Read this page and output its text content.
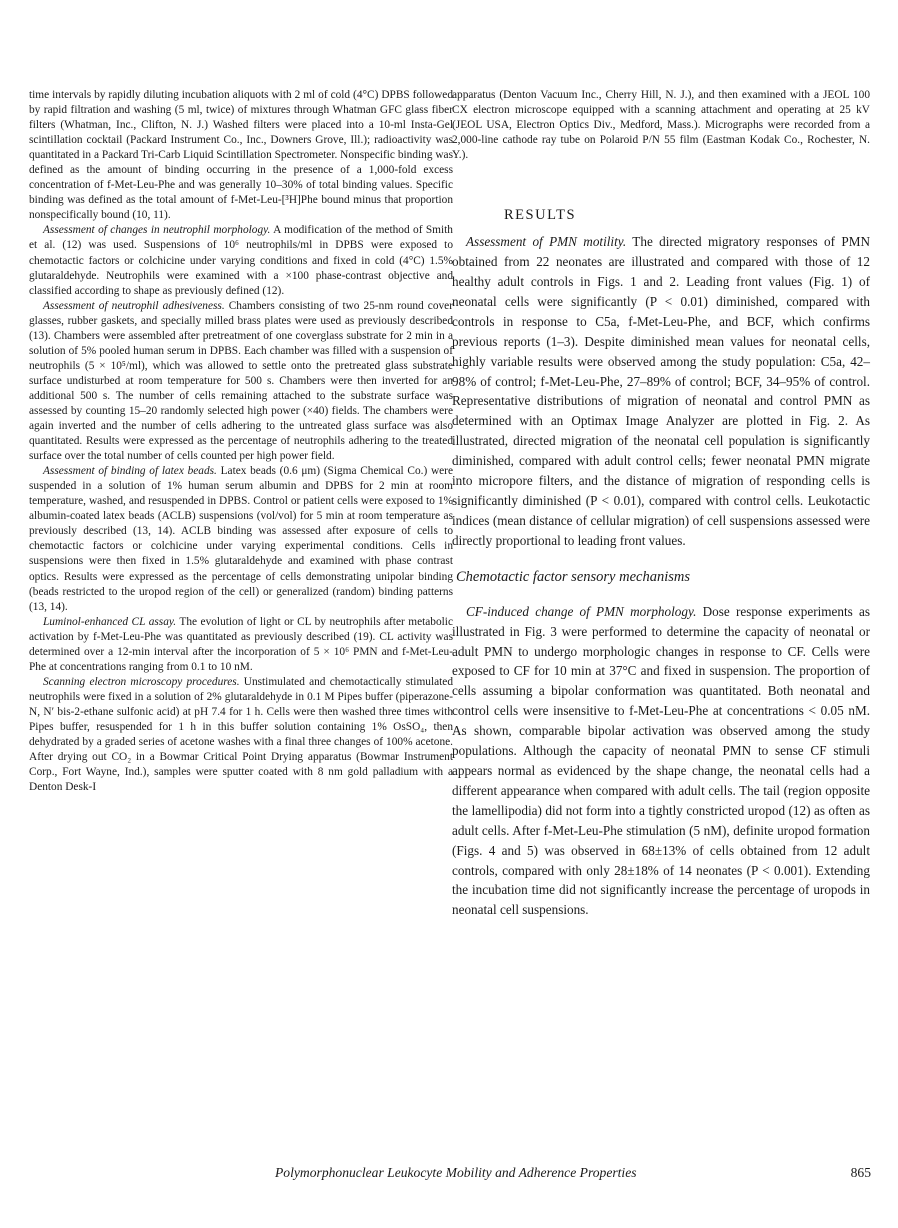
time intervals by rapidly diluting incubation aliquots with 2 ml of cold (4°C) DPBS followed by rapid filtration and washing (5 ml, twice) of mixtures through Whatman GFC glass fiber filters (Whatman, Inc., Clifton, N. J.) Washed filters were placed into a 10-ml Insta-Gel scintillation cocktail (Packard Instrument Co., Inc., Downers Grove, Ill.); radioactivity was quantitated in a Packard Tri-Carb Liquid Scintillation Spectrometer. Nonspecific binding was defined as the amount of binding occurring in the presence of a 1,000-fold excess concentration of f-Met-Leu-Phe and was generally 10–30% of total binding values. Specific binding was defined as the total amount of f-Met-Leu-[³H]Phe bound minus that proportion nonspecifically bound (10, 11).

Assessment of changes in neutrophil morphology. A modification of the method of Smith et al. (12) was used. Suspensions of 10⁶ neutrophils/ml in DPBS were exposed to chemotactic factors or colchicine under varying conditions and fixed in cold (4°C) 1.5% glutaraldehyde. Neutrophils were examined with a ×100 phase-contrast objective and classified according to shape as previously defined (12).

Assessment of neutrophil adhesiveness. Chambers consisting of two 25-nm round cover glasses, rubber gaskets, and specially milled brass plates were used as previously described (13). Chambers were assembled after pretreatment of one coverglass substrate for 2 min in a solution of 5% pooled human serum in DPBS. Each chamber was filled with a suspension of neutrophils (5 × 10⁵/ml), which was allowed to settle onto the pretreated glass substrate surface undisturbed at room temperature for 500 s. Chambers were then inverted for an additional 500 s. The number of cells remaining attached to the substrate surface was assessed by counting 15–20 randomly selected high power (×40) fields. The chambers were again inverted and the number of cells adhering to the untreated glass surface was also quantitated. Results were expressed as the percentage of neutrophils adhering to the treated surface over the total number of cells counted per high power field.

Assessment of binding of latex beads. Latex beads (0.6 μm) (Sigma Chemical Co.) were suspended in a solution of 1% human serum albumin and DPBS for 2 min at room temperature, washed, and resuspended in DPBS. Control or patient cells were exposed to 1% albumin-coated latex beads (ACLB) suspensions (vol/vol) for 5 min at room temperature as previously described (13, 14). ACLB binding was assessed after exposure of cells to chemotactic factors or colchicine under varying experimental conditions. Cells in suspensions were then fixed in 1.5% glutaraldehyde and examined with phase contrast optics. Results were expressed as the percentage of cells demonstrating unipolar binding (beads restricted to the uropod region of the cell) or generalized (random) binding patterns (13, 14).

Luminol-enhanced CL assay. The evolution of light or CL by neutrophils after metabolic activation by f-Met-Leu-Phe was quantitated as previously described (19). CL activity was determined over a 12-min interval after the incorporation of 5 × 10⁶ PMN and f-Met-Leu-Phe at concentrations ranging from 0.1 to 10 nM.

Scanning electron microscopy procedures. Unstimulated and chemotactically stimulated neutrophils were fixed in a solution of 2% glutaraldehyde in 0.1 M Pipes buffer (piperazone-N, N′ bis-2-ethane sulfonic acid) at pH 7.4 for 1 h. Cells were then washed three times with Pipes buffer, resuspended for 1 h in this buffer solution containing 1% OsSO₄, then dehydrated by a graded series of acetone washes with a final three changes of 100% acetone. After drying out CO₂ in a Bowmar Critical Point Drying apparatus (Bowmar Instrument Corp., Fort Wayne, Ind.), samples were sputter coated with 8 nm gold palladium with a Denton Desk-I

apparatus (Denton Vacuum Inc., Cherry Hill, N. J.), and then examined with a JEOL 100 CX electron microscope equipped with a scanning attachment and operating at 25 kV (JEOL USA, Electron Optics Div., Medford, Mass.). Micrographs were recorded from a 2,000-line cathode ray tube on Polaroid P/N 55 film (Eastman Kodak Co., Rochester, N. Y.).

RESULTS

Assessment of PMN motility. The directed migratory responses of PMN obtained from 22 neonates are illustrated and compared with those of 12 healthy adult controls in Figs. 1 and 2. Leading front values (Fig. 1) of neonatal cells were significantly (P < 0.01) diminished, compared with controls in response to C5a, f-Met-Leu-Phe, and BCF, which confirms previous reports (1–3). Despite diminished mean values for neonatal cells, highly variable results were observed among the study population: C5a, 42–98% of control; f-Met-Leu-Phe, 27–89% of control; BCF, 34–95% of control. Representative distributions of migration of neonatal and control PMN as determined with an Optimax Image Analyzer are plotted in Fig. 2. As illustrated, directed migration of the neonatal cell population is significantly diminished, compared with adult control cells; fewer neonatal PMN migrate into micropore filters, and the distance of migration of responding cells is significantly diminished (P < 0.01), compared with control cells. Leukotactic indices (mean distance of cellular migration) of cell suspensions assessed were directly proportional to leading front values.

Chemotactic factor sensory mechanisms

CF-induced change of PMN morphology. Dose response experiments as illustrated in Fig. 3 were performed to determine the capacity of neonatal or adult PMN to undergo morphologic changes in response to CF. Cells were exposed to CF for 10 min at 37°C and fixed in suspension. The proportion of cells assuming a bipolar conformation was quantitated. Both neonatal and control cells were insensitive to f-Met-Leu-Phe at concentrations < 0.05 nM. As shown, comparable bipolar activation was observed among the study populations. Although the capacity of neonatal PMN to sense CF stimuli appears normal as evidenced by the shape change, the neonatal cells had a different appearance when compared with adult cells. The tail (region opposite the lamellipodia) did not form into a tightly constricted uropod (12) as often as adult cells. After f-Met-Leu-Phe stimulation (5 nM), definite uropod formation (Figs. 4 and 5) was observed in 68±13% of cells obtained from 12 adult controls, compared with only 28±18% of 14 neonates (P < 0.001). Extending the incubation time did not significantly increase the percentage of uropods in neonatal cell suspensions.

Polymorphonuclear Leukocyte Mobility and Adherence Properties	865
